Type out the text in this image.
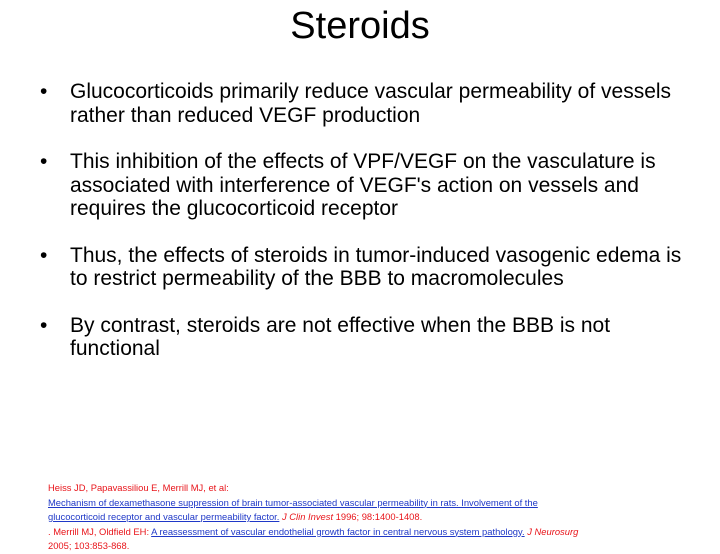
Steroids
• Glucocorticoids primarily reduce vascular permeability of vessels rather than reduced VEGF production
• This inhibition of the effects of VPF/VEGF on the vasculature is associated with interference of VEGF's action on vessels and requires the glucocorticoid receptor
• Thus, the effects of steroids in tumor-induced vasogenic edema is to restrict permeability of the BBB to macromolecules
• By contrast, steroids are not effective when the BBB is not functional
Heiss JD, Papavassiliou E, Merrill MJ, et al:
Mechanism of dexamethasone suppression of brain tumor-associated vascular permeability in rats. Involvement of the
glucocorticoid receptor and vascular permeability factor. J Clin Invest 1996; 98:1400-1408.
. Merrill MJ, Oldfield EH: A reassessment of vascular endothelial growth factor in central nervous system pathology. J Neurosurg
2005; 103:853-868.
